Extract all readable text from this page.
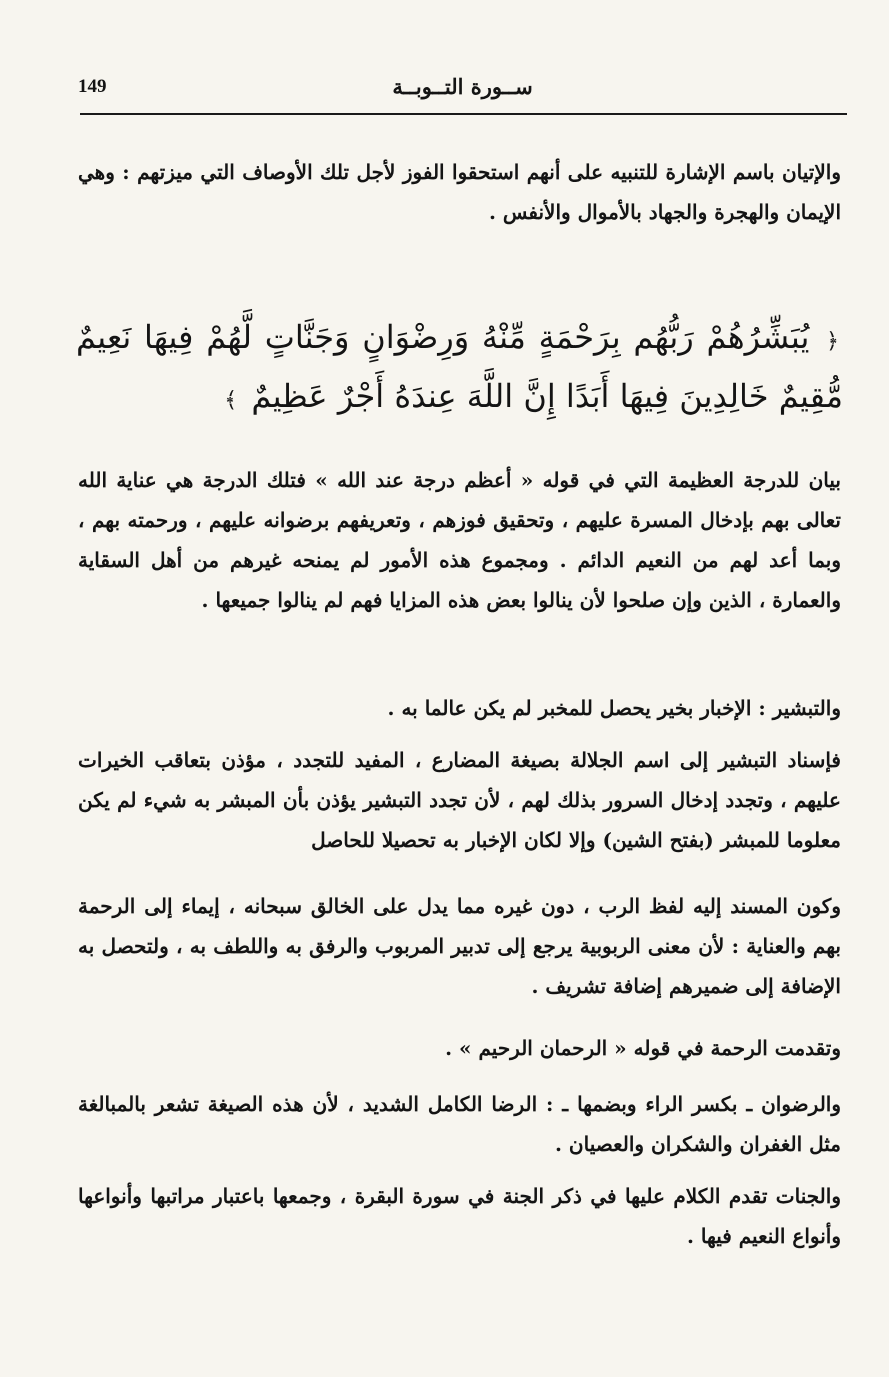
149	ســورة التــوبــة

والإتيان باسم الإشارة للتنبيه على أنهم استحقوا الفوز لأجل تلك الأوصاف التي ميزتهم : وهي الإيمان والهجرة والجهاد بالأموال والأنفس .

﴿ يُبَشِّرُهُمْ رَبُّهُم بِرَحْمَةٍ مِّنْهُ وَرِضْوَانٍ وَجَنَّاتٍ لَّهُمْ فِيهَا نَعِيمٌ مُّقِيمٌ خَالِدِينَ فِيهَا أَبَدًا إِنَّ اللَّهَ عِندَهُ أَجْرٌ عَظِيمٌ ﴾

بيان للدرجة العظيمة التي في قوله « أعظم درجة عند الله » فتلك الدرجة هي عناية الله تعالى بهم بإدخال المسرة عليهم ، وتحقيق فوزهم ، وتعريفهم برضوانه عليهم ، ورحمته بهم ، وبما أعد لهم من النعيم الدائم . ومجموع هذه الأمور لم يمنحه غيرهم من أهل السقاية والعمارة ، الذين وإن صلحوا لأن ينالوا بعض هذه المزايا فهم لم ينالوا جميعها .

والتبشير : الإخبار بخير يحصل للمخبر لم يكن عالما به .

فإسناد التبشير إلى اسم الجلالة بصيغة المضارع ، المفيد للتجدد ، مؤذن بتعاقب الخيرات عليهم ، وتجدد إدخال السرور بذلك لهم ، لأن تجدد التبشير يؤذن بأن المبشر به شيء لم يكن معلوما للمبشر (بفتح الشين) وإلا لكان الإخبار به تحصيلا للحاصل

وكون المسند إليه لفظ الرب ، دون غيره مما يدل على الخالق سبحانه ، إيماء إلى الرحمة بهم والعناية : لأن معنى الربوبية يرجع إلى تدبير المربوب والرفق به واللطف به ، ولتحصل به الإضافة إلى ضميرهم إضافة تشريف .

وتقدمت الرحمة في قوله « الرحمان الرحيم » .

والرضوان ـ بكسر الراء وبضمها ـ : الرضا الكامل الشديد ، لأن هذه الصيغة تشعر بالمبالغة مثل الغفران والشكران والعصيان .

والجنات تقدم الكلام عليها في ذكر الجنة في سورة البقرة ، وجمعها باعتبار مراتبها وأنواعها وأنواع النعيم فيها .
